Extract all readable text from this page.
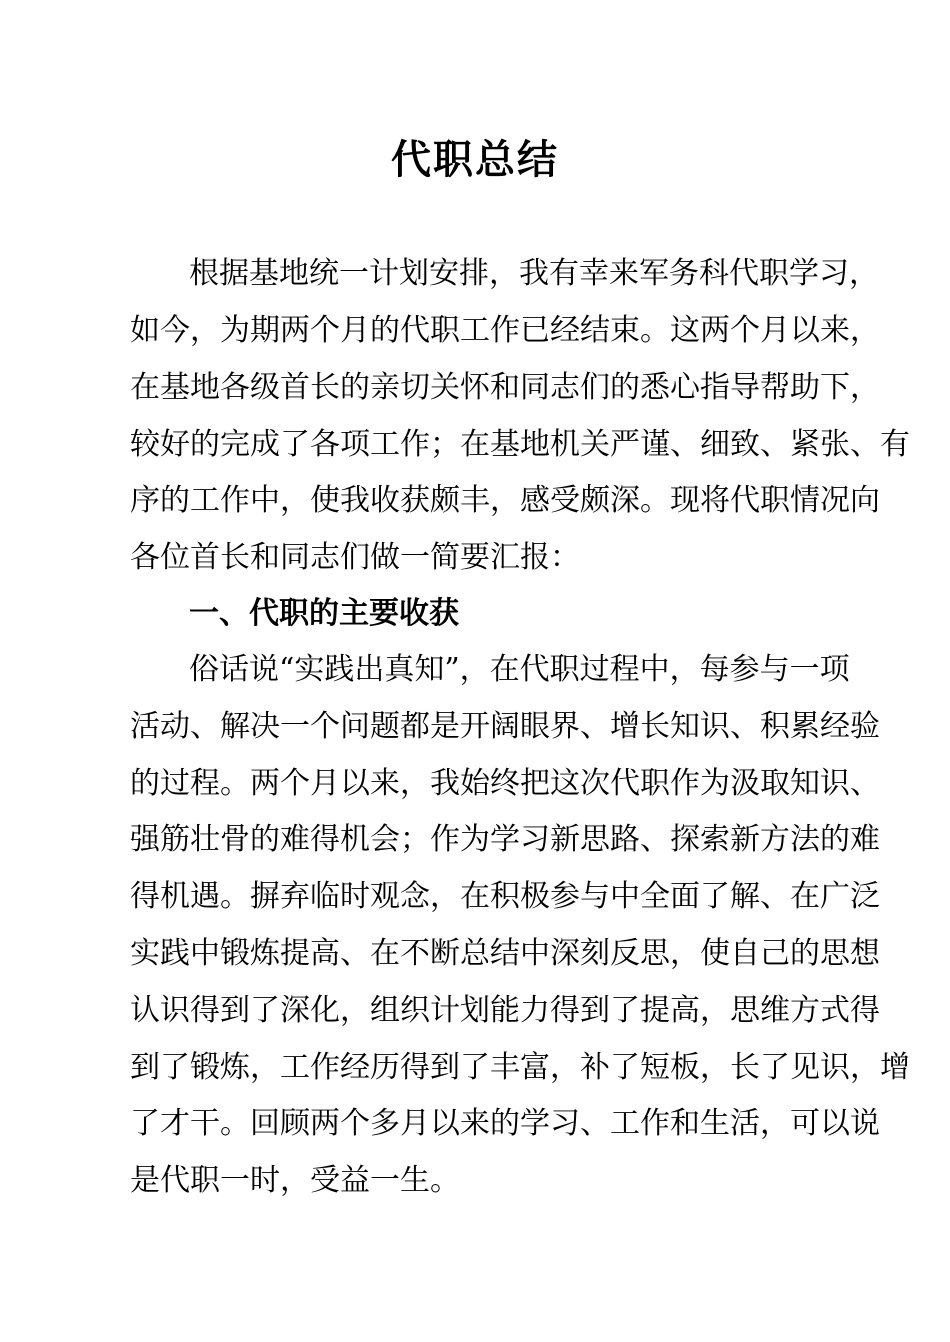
代职总结

根据基地统一计划安排，我有幸来军务科代职学习，

如今，为期两个月的代职工作已经结束。这两个月以来，

在基地各级首长的亲切关怀和同志们的悉心指导帮助下，

较好的完成了各项工作；在基地机关严谨、细致、紧张、有

序的工作中，使我收获颇丰，感受颇深。现将代职情况向

各位首长和同志们做一简要汇报：

一、代职的主要收获

俗话说“实践出真知”，在代职过程中，每参与一项

活动、解决一个问题都是开阔眼界、增长知识、积累经验

的过程。两个月以来，我始终把这次代职作为汲取知识、

强筋壮骨的难得机会；作为学习新思路、探索新方法的难

得机遇。摒弃临时观念，在积极参与中全面了解、在广泛

实践中锻炼提高、在不断总结中深刻反思，使自己的思想

认识得到了深化，组织计划能力得到了提高，思维方式得

到了锻炼，工作经历得到了丰富，补了短板，长了见识，增

了才干。回顾两个多月以来的学习、工作和生活，可以说

是代职一时，受益一生。
